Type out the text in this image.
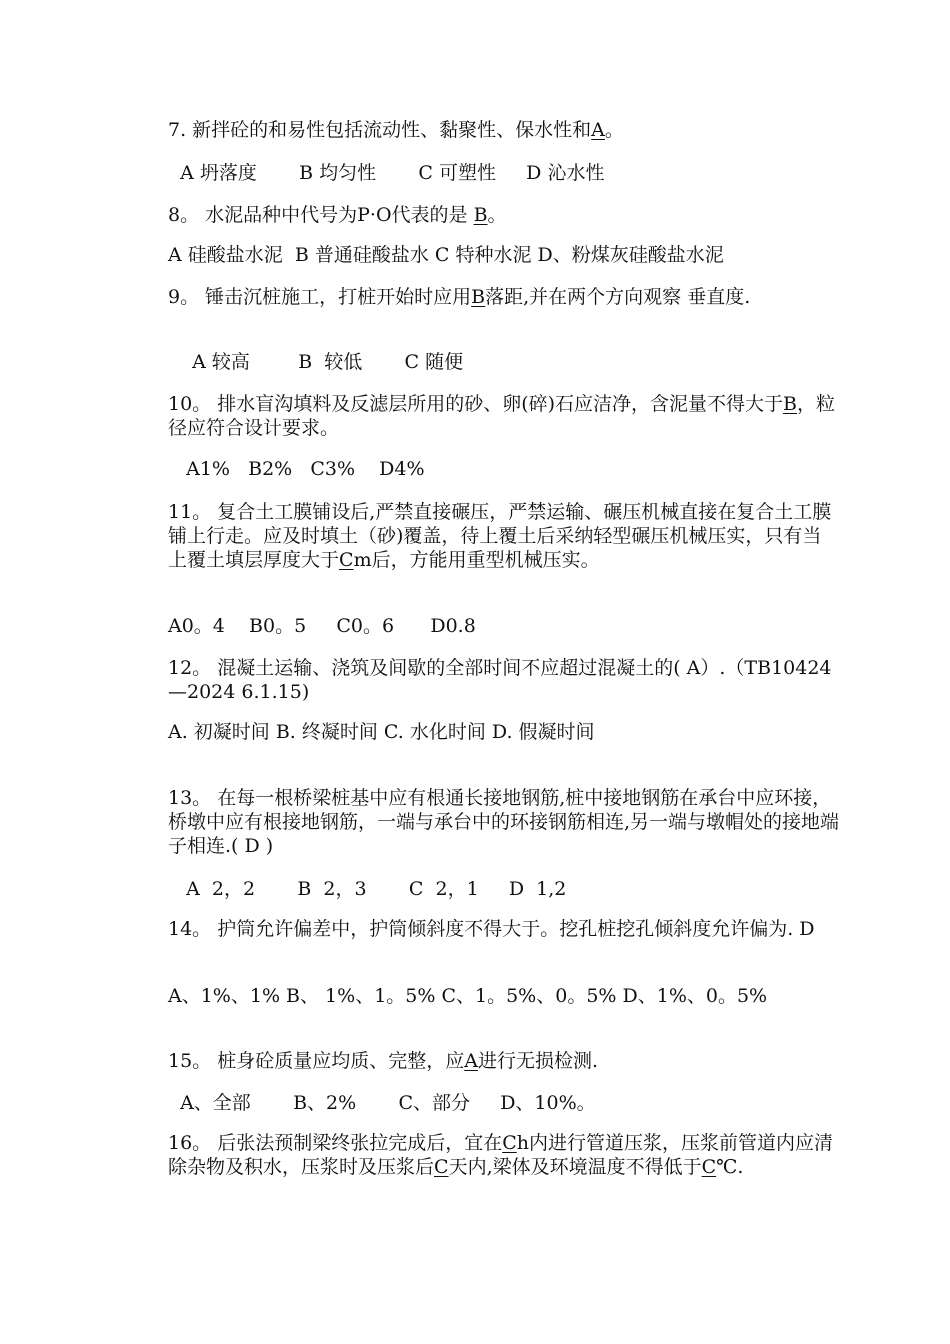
7. 新拌砼的和易性包括流动性、黏聚性、保水性和A。
A 坍落度       B 均匀性       C 可塑性     D 沁水性
8。 水泥品种中代号为P·O代表的是 B。
A 硅酸盐水泥  B 普通硅酸盐水 C 特种水泥 D、粉煤灰硅酸盐水泥
9。 锤击沉桩施工，打桩开始时应用B落距,并在两个方向观察 垂直度.
A 较高        B  较低       C 随便
10。 排水盲沟填料及反滤层所用的砂、卵(碎)石应洁净，含泥量不得大于B，粒径应符合设计要求。
A1%   B2%   C3%    D4%
11。 复合土工膜铺设后,严禁直接碾压，严禁运输、碾压机械直接在复合土工膜铺上行走。应及时填土（砂)覆盖，待上覆土后采纳轻型碾压机械压实，只有当上覆土填层厚度大于Cm后，方能用重型机械压实。
A0。4    B0。5     C0。6      D0.8
12。 混凝土运输、浇筑及间歇的全部时间不应超过混凝土的( A）.（TB10424—2024 6.1.15)
A. 初凝时间 B. 终凝时间 C. 水化时间 D. 假凝时间
13。 在每一根桥梁桩基中应有根通长接地钢筋,桩中接地钢筋在承台中应环接，桥墩中应有根接地钢筋，一端与承台中的环接钢筋相连,另一端与墩帽处的接地端子相连.( D )
A  2，2       B  2，3       C  2，1     D  1,2
14。 护筒允许偏差中，护筒倾斜度不得大于。挖孔桩挖孔倾斜度允许偏为. D
A、1%、1% B、 1%、1。5% C、1。5%、0。5% D、1%、0。5%
15。 桩身砼质量应均质、完整，应A进行无损检测.
A、全部       B、2%       C、部分     D、10%。
16。 后张法预制梁终张拉完成后，宜在Ch内进行管道压浆，压浆前管道内应清除杂物及积水，压浆时及压浆后C天内,梁体及环境温度不得低于C℃.
